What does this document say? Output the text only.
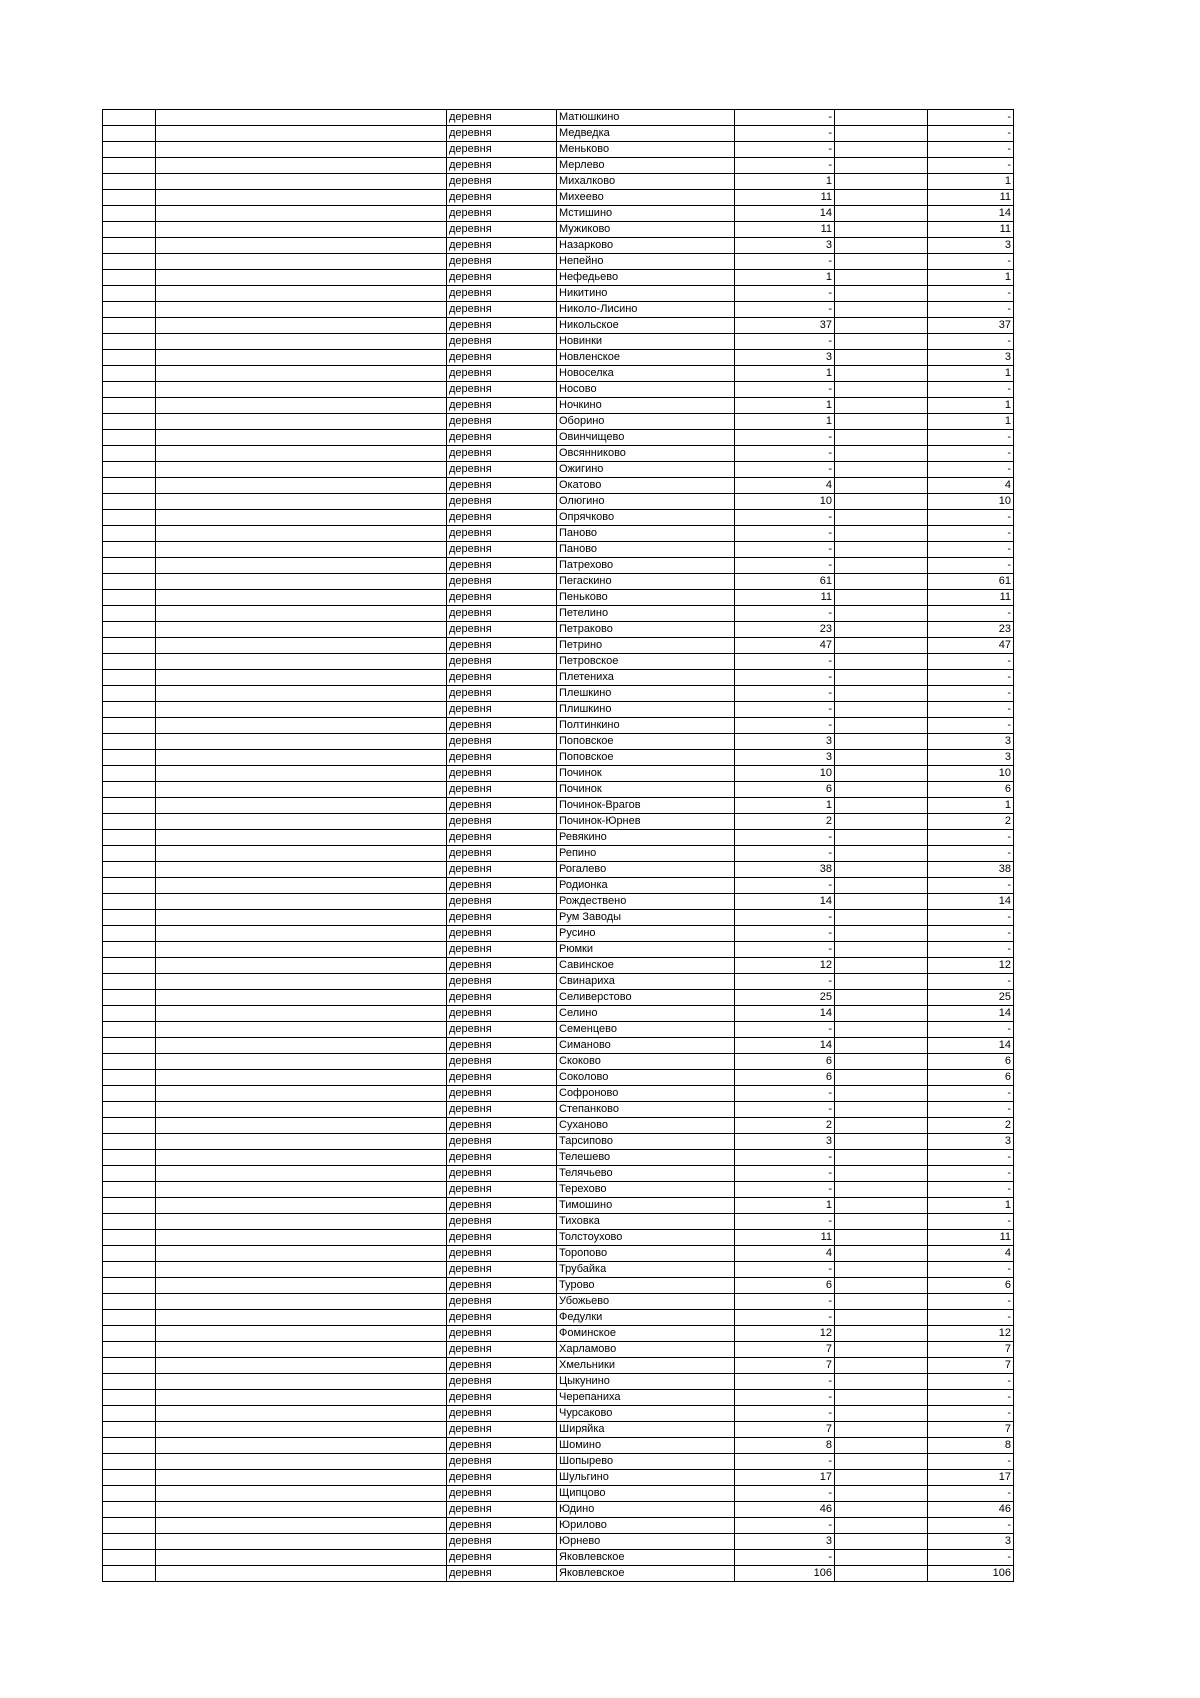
		деревня	Матюшкино	-		-
		деревня	Медведка	-		-
		деревня	Меньково	-		-
		деревня	Мерлево	-		-
		деревня	Михалково	1		1
		деревня	Михеево	11		11
		деревня	Мстишино	14		14
		деревня	Мужиково	11		11
		деревня	Назарково	3		3
		деревня	Непейно	-		-
		деревня	Нефедьево	1		1
		деревня	Никитино	-		-
		деревня	Николо-Лисино	-		-
		деревня	Никольское	37		37
		деревня	Новинки	-		-
		деревня	Новленское	3		3
		деревня	Новоселка	1		1
		деревня	Носово	-		-
		деревня	Ночкино	1		1
		деревня	Оборино	1		1
		деревня	Овинчищево	-		-
		деревня	Овсянниково	-		-
		деревня	Ожигино	-		-
		деревня	Окатово	4		4
		деревня	Олюгино	10		10
		деревня	Опрячково	-		-
		деревня	Паново	-		-
		деревня	Паново	-		-
		деревня	Патрехово	-		-
		деревня	Пегаскино	61		61
		деревня	Пеньково	11		11
		деревня	Петелино	-		-
		деревня	Петраково	23		23
		деревня	Петрино	47		47
		деревня	Петровское	-		-
		деревня	Плетениха	-		-
		деревня	Плешкино	-		-
		деревня	Плишкино	-		-
		деревня	Полтинкино	-		-
		деревня	Поповское	3		3
		деревня	Поповское	3		3
		деревня	Починок	10		10
		деревня	Починок	6		6
		деревня	Починок-Врагов	1		1
		деревня	Починок-Юрнев	2		2
		деревня	Ревякино	-		-
		деревня	Репино	-		-
		деревня	Рогалево	38		38
		деревня	Родионка	-		-
		деревня	Рождествено	14		14
		деревня	Рум Заводы	-		-
		деревня	Русино	-		-
		деревня	Рюмки	-		-
		деревня	Савинское	12		12
		деревня	Свинариха	-		-
		деревня	Селиверстово	25		25
		деревня	Селино	14		14
		деревня	Семенцево	-		-
		деревня	Симаново	14		14
		деревня	Скоково	6		6
		деревня	Соколово	6		6
		деревня	Софроново	-		-
		деревня	Степанково	-		-
		деревня	Суханово	2		2
		деревня	Тарсипово	3		3
		деревня	Телешево	-		-
		деревня	Телячьево	-		-
		деревня	Терехово	-		-
		деревня	Тимошино	1		1
		деревня	Тиховка	-		-
		деревня	Толстоухово	11		11
		деревня	Торопово	4		4
		деревня	Трубайка	-		-
		деревня	Турово	6		6
		деревня	Убожьево	-		-
		деревня	Федулки	-		-
		деревня	Фоминское	12		12
		деревня	Харламово	7		7
		деревня	Хмельники	7		7
		деревня	Цыкунино	-		-
		деревня	Черепаниха	-		-
		деревня	Чурсаково	-		-
		деревня	Ширяйка	7		7
		деревня	Шомино	8		8
		деревня	Шопырево	-		-
		деревня	Шульгино	17		17
		деревня	Щипцово	-		-
		деревня	Юдино	46		46
		деревня	Юрилово	-		-
		деревня	Юрнево	3		3
		деревня	Яковлевское	-		-
		деревня	Яковлевское	106		106
